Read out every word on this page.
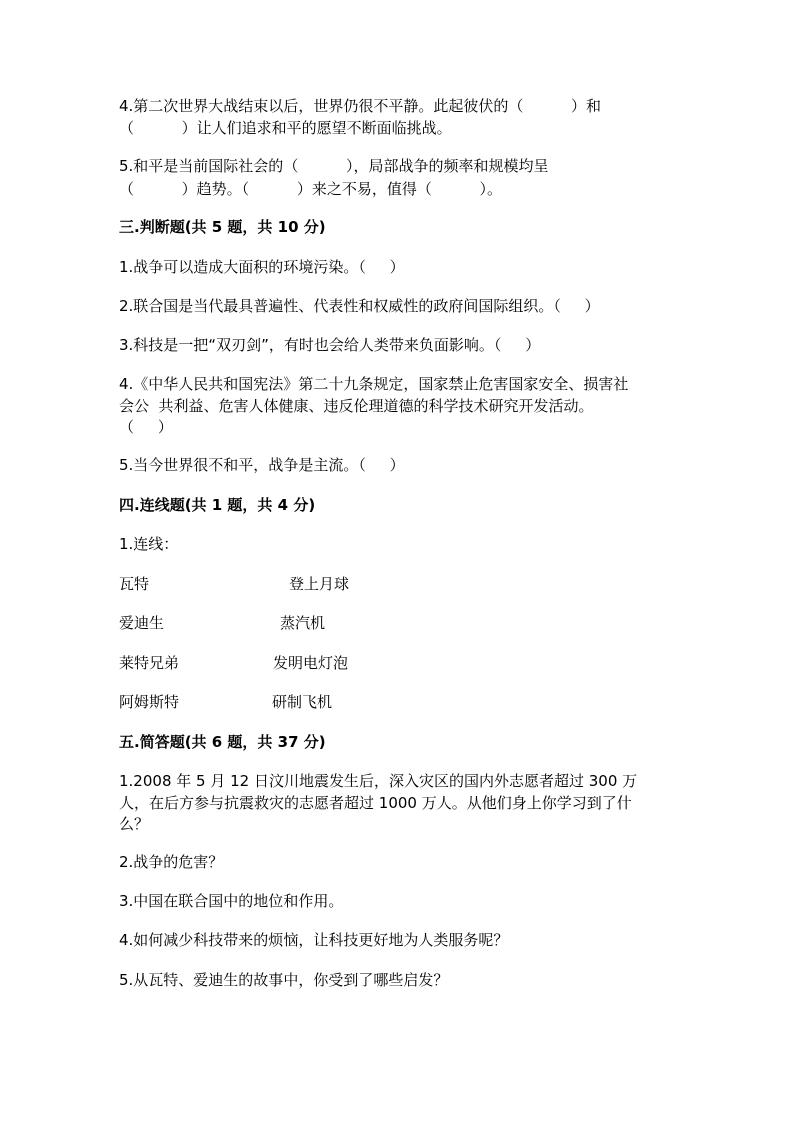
4.第二次世界大战结束以后，世界仍很不平静。此起彼伏的（          ）和
（          ）让人们追求和平的愿望不断面临挑战。
5.和平是当前国际社会的（          ），局部战争的频率和规模均呈
（          ）趋势。（          ）来之不易，值得（          ）。
三.判断题(共 5 题，共 10 分)
1.战争可以造成大面积的环境污染。（     ）
2.联合国是当代最具普遍性、代表性和权威性的政府间国际组织。（     ）
3.科技是一把“双刃剑”，有时也会给人类带来负面影响。（     ）
4.《中华人民共和国宪法》第二十九条规定，国家禁止危害国家安全、损害社
会公  共利益、危害人体健康、违反伦理道德的科学技术研究开发活动。
（     ）
5.当今世界很不和平，战争是主流。（     ）
四.连线题(共 1 题，共 4 分)
1.连线：
瓦特	登上月球
爱迪生	蒸汽机
莱特兄弟	发明电灯泡
阿姆斯特	研制飞机
五.简答题(共 6 题，共 37 分)
1.2008 年 5 月 12 日汶川地震发生后，深入灾区的国内外志愿者超过 300 万
人，在后方参与抗震救灾的志愿者超过 1000 万人。从他们身上你学习到了什
么？
2.战争的危害？
3.中国在联合国中的地位和作用。
4.如何减少科技带来的烦恼，让科技更好地为人类服务呢？
5.从瓦特、爱迪生的故事中，你受到了哪些启发？
